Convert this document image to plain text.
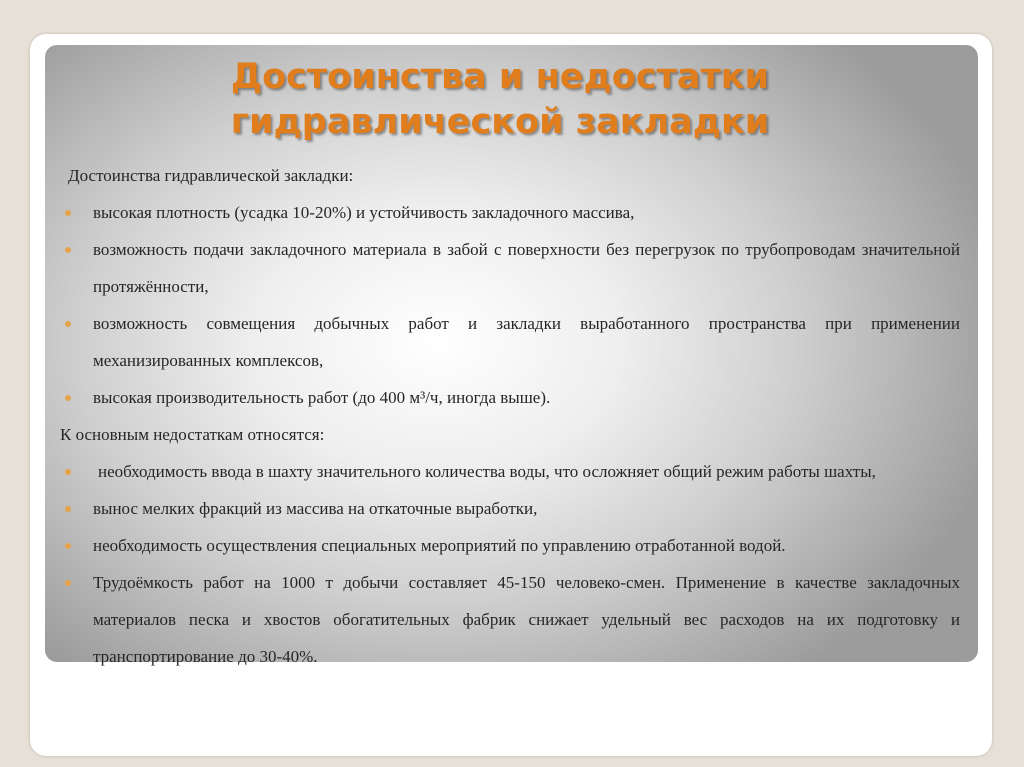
Достоинства и недостатки
гидравлической закладки
Достоинства гидравлической закладки:
высокая плотность (усадка 10-20%) и устойчивость закладочного массива,
возможность подачи закладочного материала в забой с поверхности без перегрузок по трубопроводам значительной протяжённости,
возможность совмещения добычных работ и закладки выработанного пространства при применении механизированных комплексов,
высокая производительность работ (до 400 м³/ч, иногда выше).
К основным недостаткам относятся:
необходимость ввода в шахту значительного количества воды, что осложняет общий режим работы шахты,
вынос мелких фракций из массива на откаточные выработки,
необходимость осуществления специальных мероприятий по управлению отработанной водой.
Трудоёмкость работ на 1000 т добычи составляет 45-150 человеко-смен. Применение в качестве закладочных материалов песка и хвостов обогатительных фабрик снижает удельный вес расходов на их подготовку и транспортирование до 30-40%.
